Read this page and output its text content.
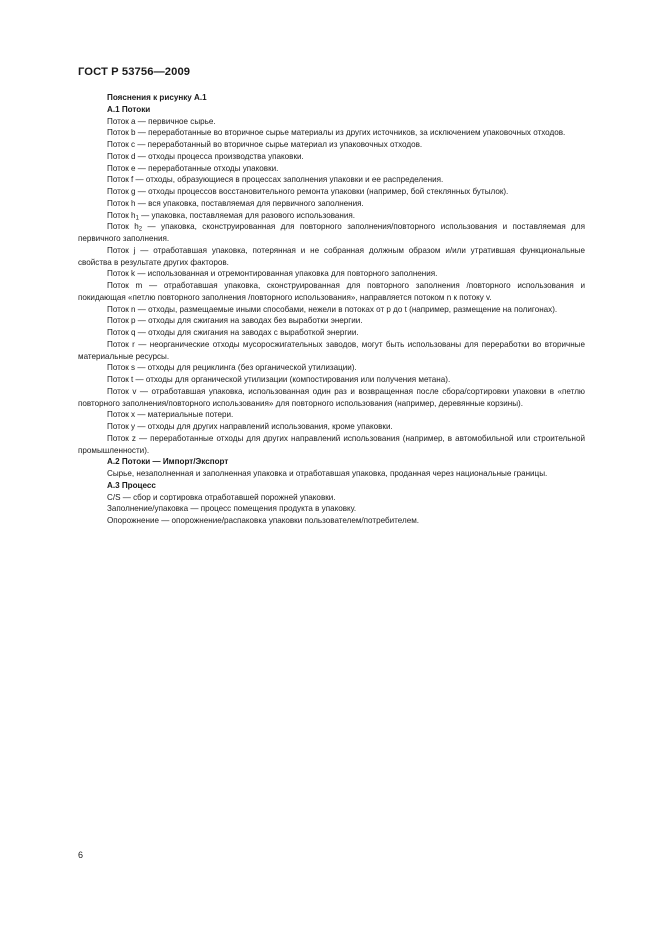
ГОСТ Р 53756—2009

Пояснения к рисунку А.1

А.1 Потоки

Поток а — первичное сырье.

Поток b — переработанные во вторичное сырье материалы из других источников, за исключением упаковочных отходов.

Поток с — переработанный во вторичное сырье материал из упаковочных отходов.

Поток d — отходы процесса производства упаковки.

Поток е — переработанные отходы упаковки.

Поток f — отходы, образующиеся в процессах заполнения упаковки и ее распределения.

Поток g — отходы процессов восстановительного ремонта упаковки (например, бой стеклянных бутылок).

Поток h — вся упаковка, поставляемая для первичного заполнения.

Поток $h_1$ — упаковка, поставляемая для разового использования.

Поток $h_2$ — упаковка, сконструированная для повторного заполнения/повторного использования и поставляемая для первичного заполнения.

Поток j — отработавшая упаковка, потерянная и не собранная должным образом и/или утратившая функциональные свойства в результате других факторов.

Поток k — использованная и отремонтированная упаковка для повторного заполнения.

Поток m — отработавшая упаковка, сконструированная для повторного заполнения /повторного использования и покидающая «петлю повторного заполнения /повторного использования», направляется потоком n к потоку v.

Поток n — отходы, размещаемые иными способами, нежели в потоках от p до t (например, размещение на полигонах).

Поток p — отходы для сжигания на заводах без выработки энергии.

Поток q — отходы для сжигания на заводах с выработкой энергии.

Поток r — неорганические отходы мусоросжигательных заводов, могут быть использованы для переработки во вторичные материальные ресурсы.

Поток s — отходы для рециклинга (без органической утилизации).

Поток t — отходы для органической утилизации (компостирования или получения метана).

Поток v — отработавшая упаковка, использованная один раз и возвращенная после сбора/сортировки упаковки в «петлю повторного заполнения/повторного использования» для повторного использования (например, деревянные корзины).

Поток х — материальные потери.

Поток у — отходы для других направлений использования, кроме упаковки.

Поток z — переработанные отходы для других направлений использования (например, в автомобильной или строительной промышленности).

А.2 Потоки — Импорт/Экспорт

Сырье, незаполненная и заполненная упаковка и отработавшая упаковка, проданная через национальные границы.

А.3 Процесс

C/S — сбор и сортировка отработавшей порожней упаковки.

Заполнение/упаковка — процесс помещения продукта в упаковку.

Опорожнение — опорожнение/распаковка упаковки пользователем/потребителем.

6
